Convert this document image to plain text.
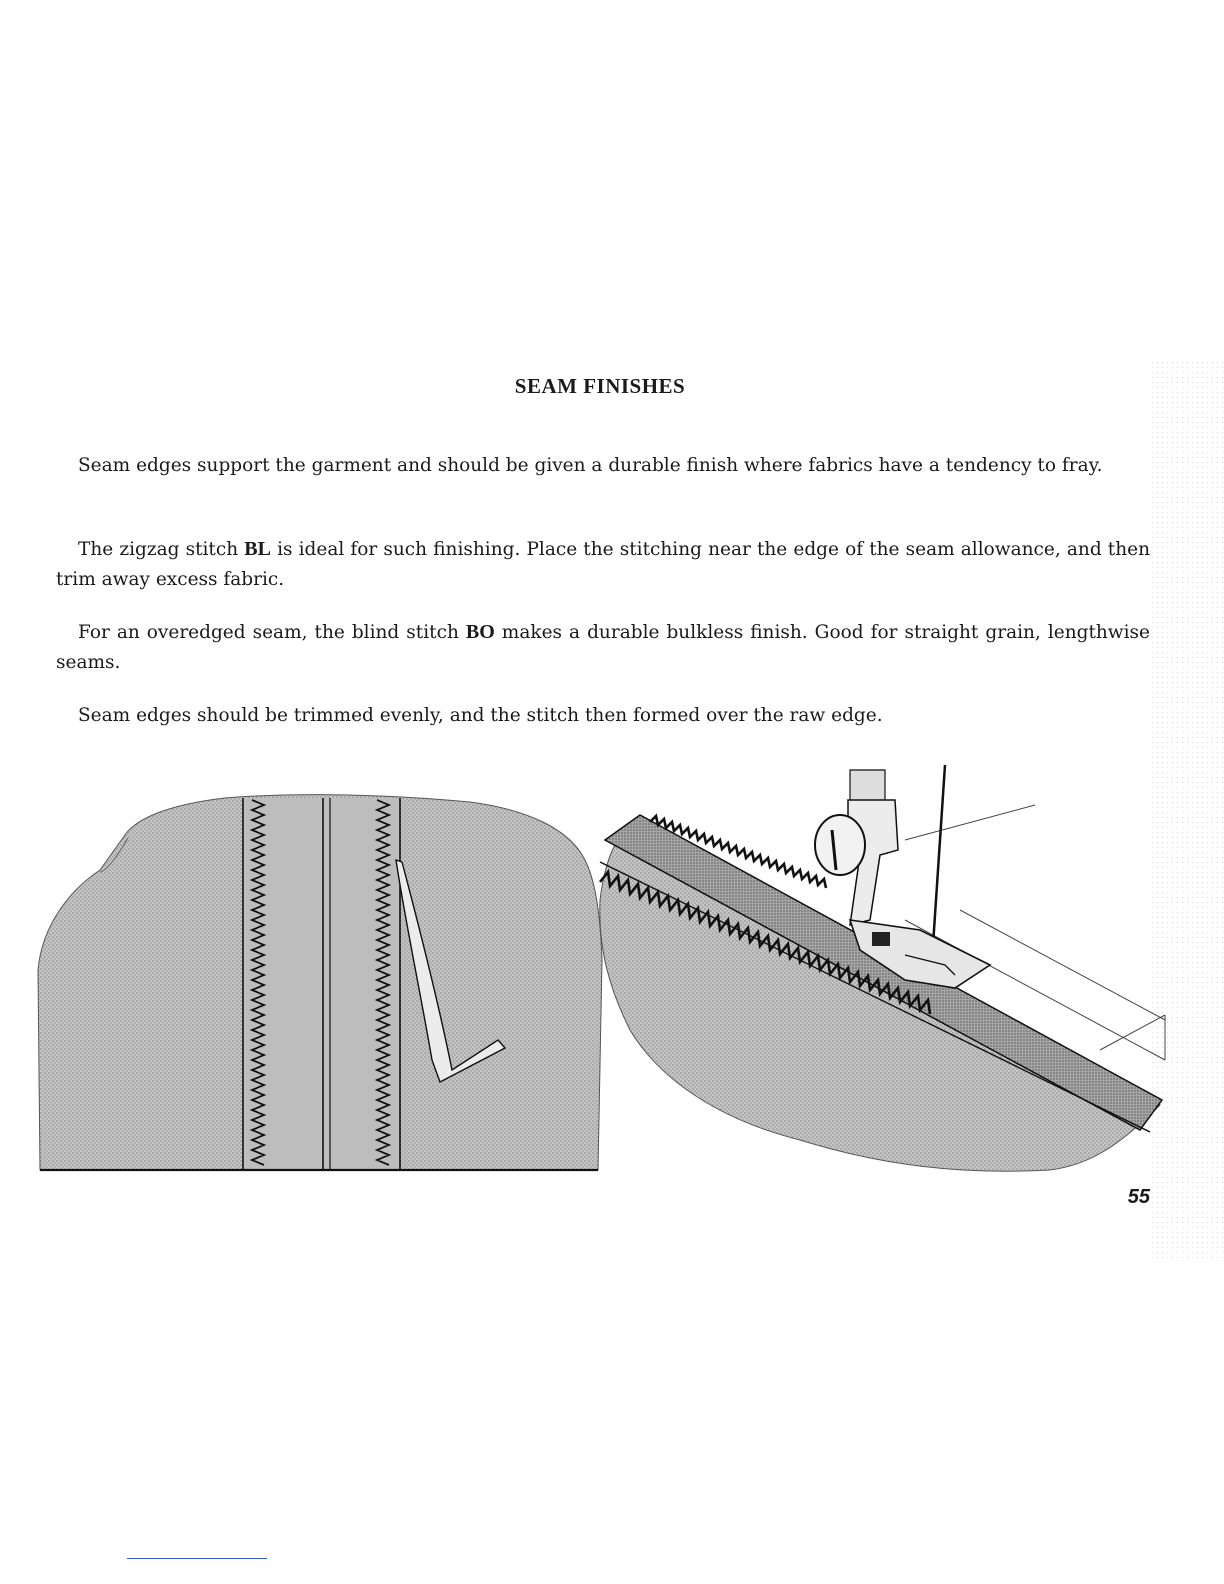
SEAM FINISHES

Seam edges support the garment and should be given a durable finish where fabrics have a tendency to fray.

The zigzag stitch BL is ideal for such finishing. Place the stitching near the edge of the seam allowance, and then trim away excess fabric.

For an overedged seam, the blind stitch BO makes a durable bulkless finish. Good for straight grain, lengthwise seams.

Seam edges should be trimmed evenly, and the stitch then formed over the raw edge.

55
